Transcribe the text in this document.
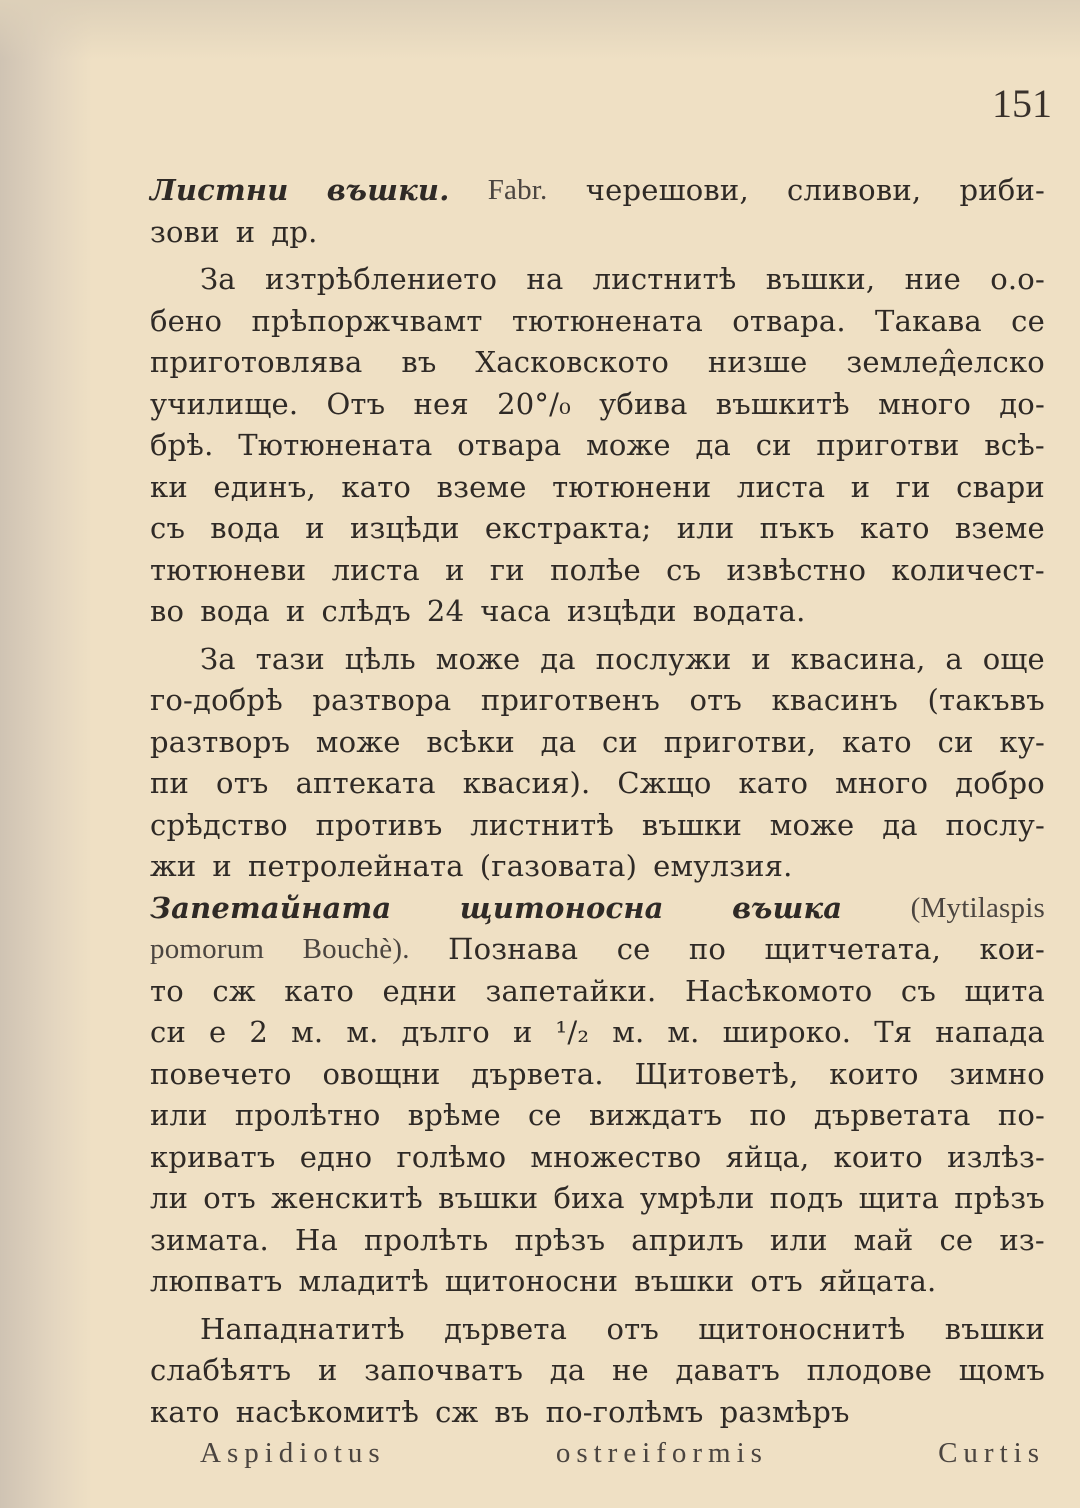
151
Листни въшки. Fabr. черешови, сливови, риби-
зови и др.
За изтрѣблението на листнитѣ въшки, ние о.о-
бено прѣпоржчвамт тютюнената отвара. Такава се
приготовлява въ Хасковското низше землед̂елско
училище. Отъ нея 20°/₀ убива въшкитѣ много до-
брѣ. Тютюнената отвара може да си приготви всѣ-
ки единъ, като вземе тютюнени листа и ги свари
съ вода и изцѣди екстракта; или пъкъ като вземе
тютюневи листа и ги полѣе съ извѣстно количест-
во вода и слѣдъ 24 часа изцѣди водата.
За тази цѣль може да послужи и квасина, а още
го-добрѣ разтвора приготвенъ отъ квасинъ (такъвъ
разтворъ може всѣки да си приготви, като си ку-
пи отъ аптеката квасия). Сжщо като много добро
срѣдство противъ листнитѣ въшки може да послу-
жи и петролейната (газовата) емулзия.
Запетайната щитоносна въшка (Mytilaspis
pomorum Bouchè). Познава се по щитчетата, кои-
то сж като едни запетайки. Насѣкомото съ щита
си е 2 м. м. дълго и ¹/₂ м. м. широко. Тя напада
повечето овощни дървета. Щитоветѣ, които зимно
или пролѣтно врѣме се виждатъ по дърветата по-
криватъ едно голѣмо множество яйца, които излѣз-
ли отъ женскитѣ въшки биха умрѣли подъ щита прѣзъ
зимата. На пролѣть прѣзъ априлъ или май се из-
люпватъ младитѣ щитоносни въшки отъ яйцата.
Нападнатитѣ дървета отъ щитоноснитѣ въшки
слабѣятъ и започватъ да не даватъ плодове щомъ
като насѣкомитѣ сж въ по-голѣмъ размѣръ
Aspidiotus	ostreiformis	Curtis
